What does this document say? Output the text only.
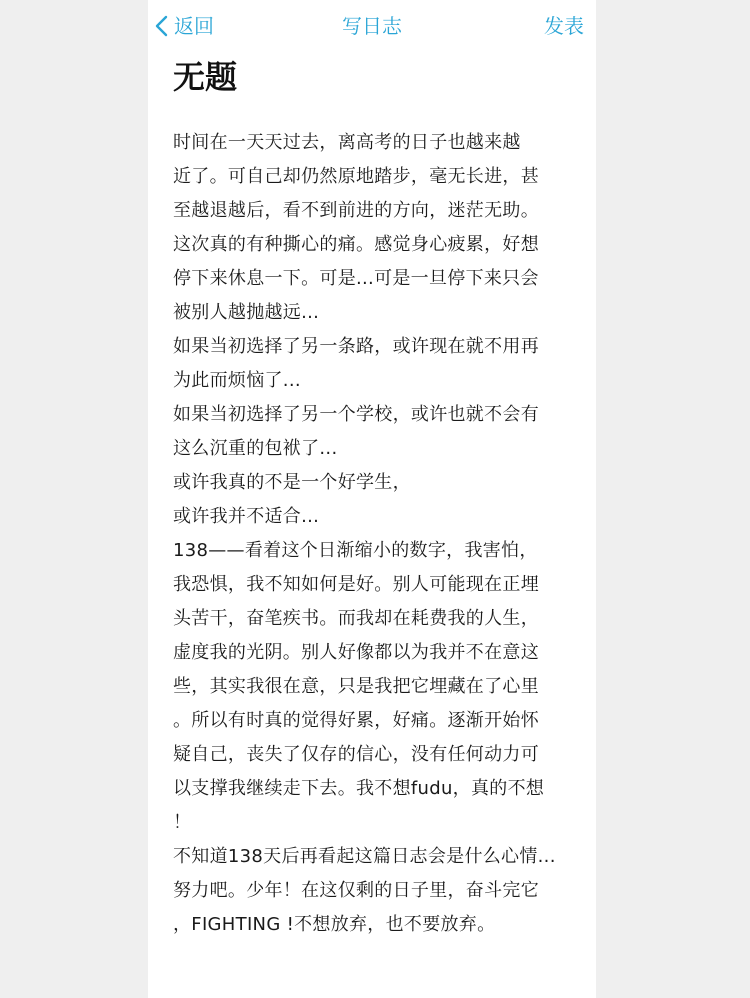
返回	写日志	发表
无题
时间在一天天过去，离高考的日子也越来越
近了。可自己却仍然原地踏步，毫无长进，甚
至越退越后，看不到前进的方向，迷茫无助。
这次真的有种撕心的痛。感觉身心疲累，好想
停下来休息一下。可是...可是一旦停下来只会
被别人越抛越远...
如果当初选择了另一条路，或许现在就不用再
为此而烦恼了...
如果当初选择了另一个学校，或许也就不会有
这么沉重的包袱了...
或许我真的不是一个好学生，
或许我并不适合...
138——看着这个日渐缩小的数字，我害怕，
我恐惧，我不知如何是好。别人可能现在正埋
头苦干，奋笔疾书。而我却在耗费我的人生，
虚度我的光阴。别人好像都以为我并不在意这
些，其实我很在意，只是我把它埋藏在了心里
。所以有时真的觉得好累，好痛。逐渐开始怀
疑自己，丧失了仅存的信心，没有任何动力可
以支撑我继续走下去。我不想fudu，真的不想
！
不知道138天后再看起这篇日志会是什么心情...
努力吧。少年！在这仅剩的日子里，奋斗完它
，FIGHTING !不想放弃，也不要放弃。
